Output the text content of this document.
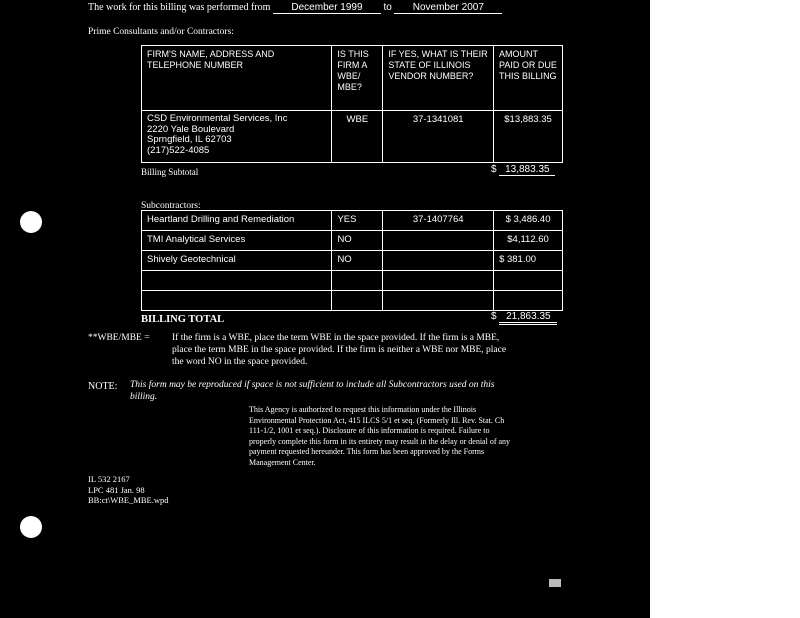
The work for this billing was performed from December 1999 to November 2007
Prime Consultants and/or Contractors:
FIRM'S NAME, ADDRESS AND TELEPHONE NUMBER	IS THIS FIRM A WBE/ MBE?	IF YES, WHAT IS THEIR STATE OF ILLINOIS VENDOR NUMBER?	AMOUNT PAID OR DUE THIS BILLING

CSD Environmental Services, Inc
2220 Yale Boulevard
Sprngfield, IL 62703
(217)522-4085	WBE	37-1341081	$13,883.35
Billing Subtotal	$ 13,883.35
Subcontractors:
Heartland Drilling and Remediation	YES	37-1407764	$ 3,486.40
TMI Analytical Services	NO		$4,112.60
Shively Geotechnical	NO		$ 381.00

BILLING TOTAL	$ 21,863.35
**WBE/MBE = If the firm is a WBE, place the term WBE in the space provided. If the firm is a MBE,
place the term MBE in the space provided. If the firm is neither a WBE nor MBE, place
the word NO in the space provided.
NOTE: This form may be reproduced if space is not sufficient to include all Subcontractors used on this
billing.
This Agency is authorized to request this information under the Illinois
Environmental Protection Act, 415 ILCS 5/1 et seq. (Formerly Ill. Rev. Stat. Ch
111-1/2, 1001 et seq.). Disclosure of this information is required. Failure to
properly complete this form in its entirety may result in the delay or denial of any
payment requested hereunder. This form has been approved by the Forms
Management Center.
IL 532 2167
LPC 481 Jan. 98
BB:ct\WBE_MBE.wpd
